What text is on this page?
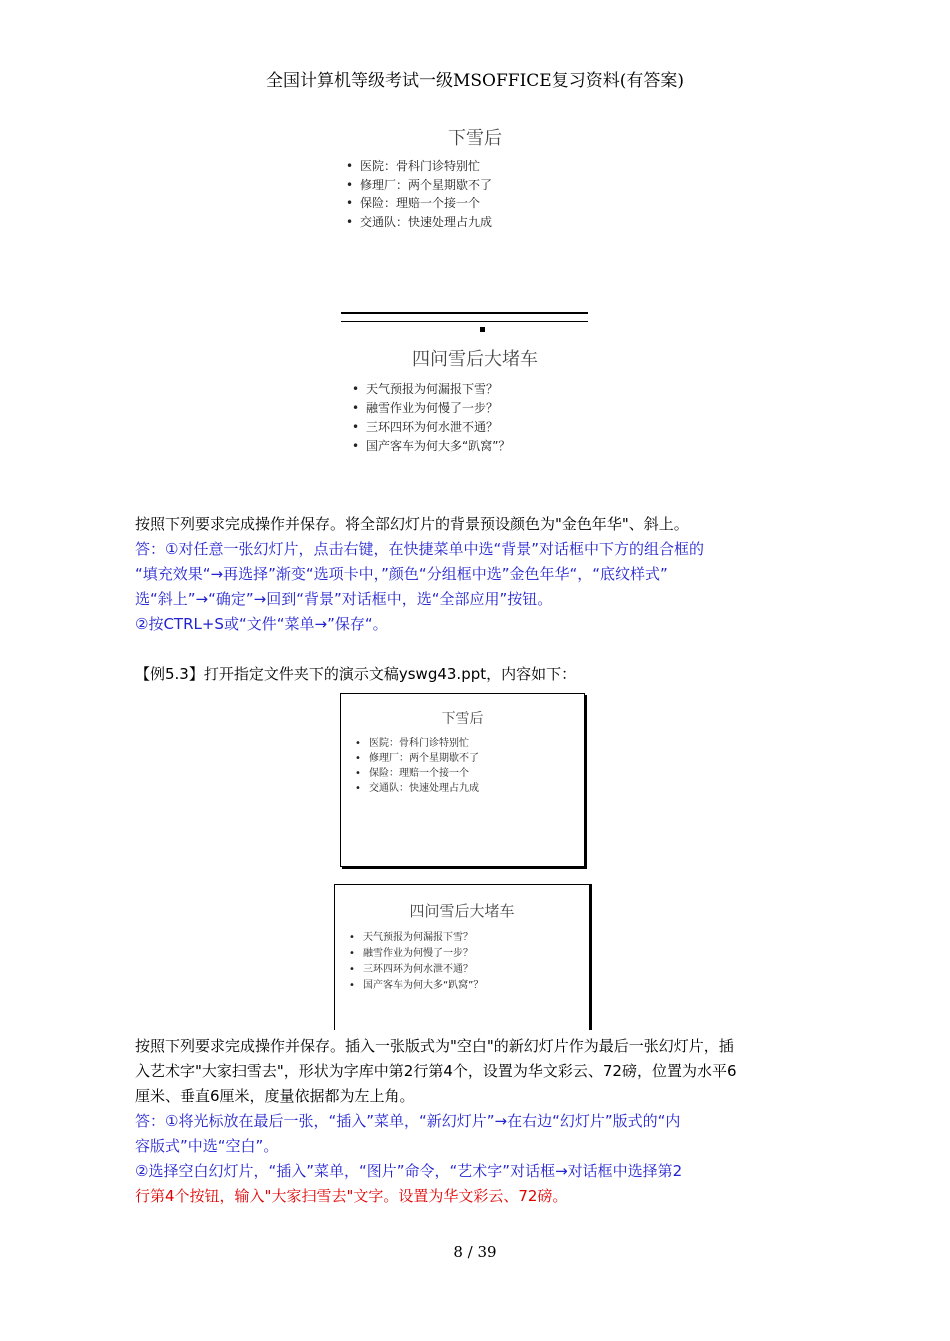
全国计算机等级考试一级MSOFFICE复习资料(有答案)
下雪后
• 医院：骨科门诊特别忙
• 修理厂：两个星期歇不了
• 保险：理赔一个接一个
• 交通队：快速处理占九成
四问雪后大堵车
• 天气预报为何漏报下雪？
• 融雪作业为何慢了一步？
• 三环四环为何水泄不通？
• 国产客车为何大多“趴窝”？

按照下列要求完成操作并保存。将全部幻灯片的背景预设颜色为"金色年华"、斜上。

答：①对任意一张幻灯片，点击右键，在快捷菜单中选“背景”对话框中下方的组合框的

“填充效果“→再选择”渐变“选项卡中，”颜色“分组框中选”金色年华“，“底纹样式”

选“斜上”→“确定”→回到“背景”对话框中，选“全部应用”按钮。

②按CTRL+S或“文件“菜单→”保存“。

【例5.3】打开指定文件夹下的演示文稿yswg43.ppt，内容如下：

下雪后
• 医院：骨科门诊特别忙
• 修理厂：两个星期歇不了
• 保险：理赔一个接一个
• 交通队：快速处理占九成
四问雪后大堵车
• 天气预报为何漏报下雪？
• 融雪作业为何慢了一步？
• 三环四环为何水泄不通？
• 国产客车为何大多“趴窝”？

按照下列要求完成操作并保存。插入一张版式为"空白"的新幻灯片作为最后一张幻灯片，插

入艺术字"大家扫雪去"，形状为字库中第2行第4个，设置为华文彩云、72磅，位置为水平6

厘米、垂直6厘米，度量依据都为左上角。

答：①将光标放在最后一张，“插入”菜单，“新幻灯片”→在右边“幻灯片”版式的“内

容版式”中选“空白”。

②选择空白幻灯片，“插入”菜单，“图片”命令，“艺术字”对话框→对话框中选择第2

行第4个按钮，输入"大家扫雪去"文字。设置为华文彩云、72磅。

8 / 39
